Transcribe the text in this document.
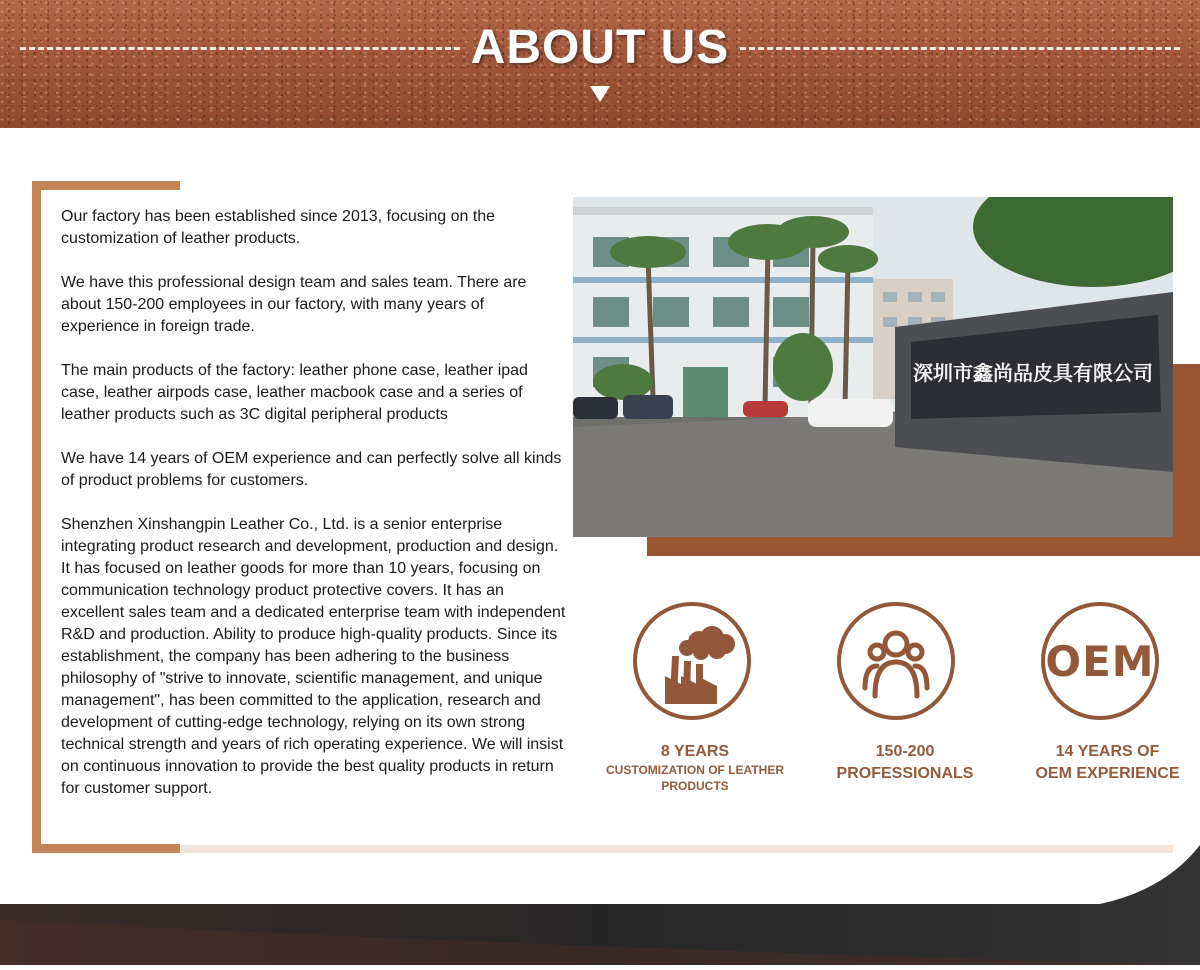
ABOUT US

Our factory has been established since 2013, focusing on the customization of leather products.

We have this professional design team and sales team. There are about 150-200 employees in our factory, with many years of experience in foreign trade.

The main products of the factory: leather phone case, leather ipad case, leather airpods case, leather macbook case and a series of leather products such as 3C digital peripheral products

We have 14 years of OEM experience and can perfectly solve all kinds of product problems for customers.

Shenzhen Xinshangpin Leather Co., Ltd. is a senior enterprise integrating product research and development, production and design. It has focused on leather goods for more than 10 years, focusing on communication technology product protective covers. It has an excellent sales team and a dedicated enterprise team with independent R&D and production. Ability to produce high-quality products. Since its establishment, the company has been adhering to the business philosophy of "strive to innovate, scientific management, and unique management", has been committed to the application, research and development of cutting-edge technology, relying on its own strong technical strength and years of rich operating experience. We will insist on continuous innovation to provide the best quality products in return for customer support.

深圳市鑫尚品皮具有限公司
8 YEARS
CUSTOMIZATION OF LEATHER PRODUCTS
150-200
PROFESSIONALS
OEM
14 YEARS OF
OEM EXPERIENCE
